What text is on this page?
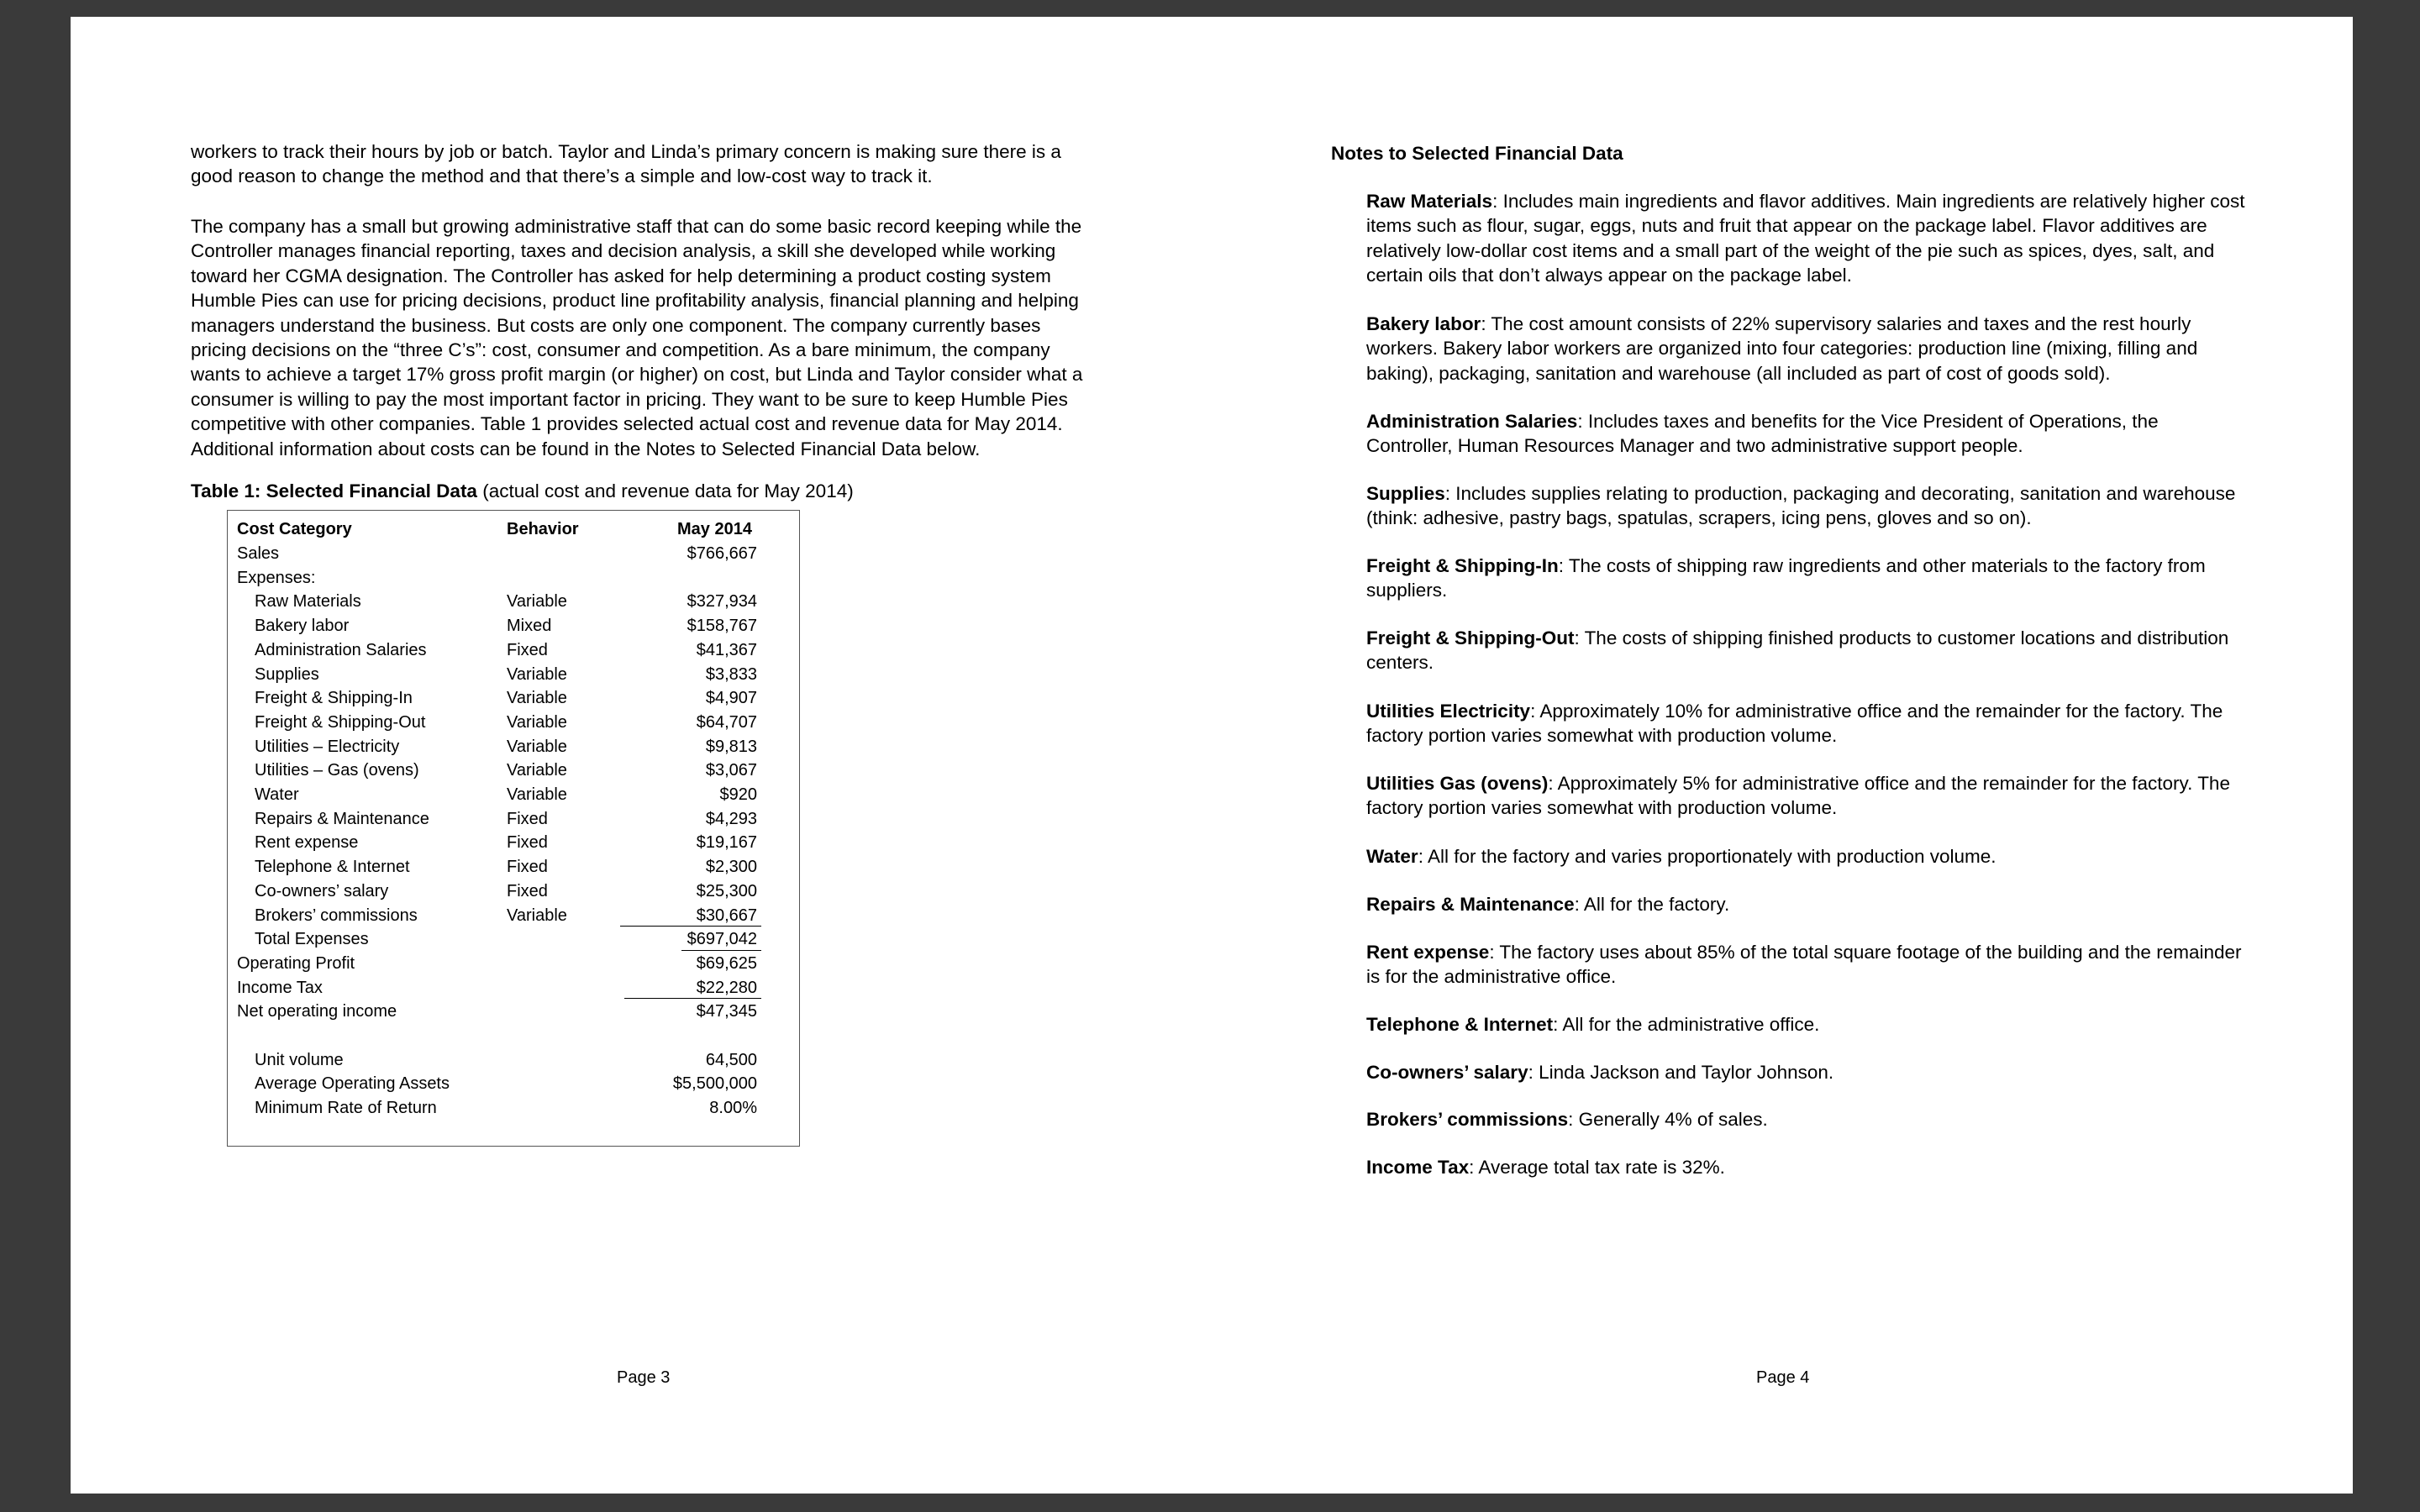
workers to track their hours by job or batch. Taylor and Linda’s primary concern is making sure there is a
good reason to change the method and that there’s a simple and low-cost way to track it.
The company has a small but growing administrative staff that can do some basic record keeping while the
Controller manages financial reporting, taxes and decision analysis, a skill she developed while working
toward her CGMA designation. The Controller has asked for help determining a product costing system
Humble Pies can use for pricing decisions, product line profitability analysis, financial planning and helping
managers understand the business. But costs are only one component. The company currently bases
pricing decisions on the “three C’s”: cost, consumer and competition. As a bare minimum, the company
wants to achieve a target 17% gross profit margin (or higher) on cost, but Linda and Taylor consider what a
consumer is willing to pay the most important factor in pricing. They want to be sure to keep Humble Pies
competitive with other companies. Table 1 provides selected actual cost and revenue data for May 2014.
Additional information about costs can be found in the Notes to Selected Financial Data below.
Table 1: Selected Financial Data (actual cost and revenue data for May 2014)
Cost Category	Behavior	May 2014
Sales	$766,667
Expenses:
Raw Materials	Variable	$327,934
Bakery labor	Mixed	$158,767
Administration Salaries	Fixed	$41,367
Supplies	Variable	$3,833
Freight & Shipping-In	Variable	$4,907
Freight & Shipping-Out	Variable	$64,707
Utilities – Electricity	Variable	$9,813
Utilities – Gas (ovens)	Variable	$3,067
Water	Variable	$920
Repairs & Maintenance	Fixed	$4,293
Rent expense	Fixed	$19,167
Telephone & Internet	Fixed	$2,300
Co-owners’ salary	Fixed	$25,300
Brokers’ commissions	Variable	$30,667
Total Expenses	$697,042
Operating Profit	$69,625
Income Tax	$22,280
Net operating income	$47,345
Unit volume	64,500
Average Operating Assets	$5,500,000
Minimum Rate of Return	8.00%
Page 3
Notes to Selected Financial Data
Raw Materials: Includes main ingredients and flavor additives. Main ingredients are relatively higher cost items such as flour, sugar, eggs, nuts and fruit that appear on the package label. Flavor additives are relatively low-dollar cost items and a small part of the weight of the pie such as spices, dyes, salt, and certain oils that don’t always appear on the package label.
Bakery labor: The cost amount consists of 22% supervisory salaries and taxes and the rest hourly workers. Bakery labor workers are organized into four categories: production line (mixing, filling and baking), packaging, sanitation and warehouse (all included as part of cost of goods sold).
Administration Salaries: Includes taxes and benefits for the Vice President of Operations, the Controller, Human Resources Manager and two administrative support people.
Supplies: Includes supplies relating to production, packaging and decorating, sanitation and warehouse (think: adhesive, pastry bags, spatulas, scrapers, icing pens, gloves and so on).
Freight & Shipping-In: The costs of shipping raw ingredients and other materials to the factory from suppliers.
Freight & Shipping-Out: The costs of shipping finished products to customer locations and distribution centers.
Utilities Electricity: Approximately 10% for administrative office and the remainder for the factory. The factory portion varies somewhat with production volume.
Utilities Gas (ovens): Approximately 5% for administrative office and the remainder for the factory. The factory portion varies somewhat with production volume.
Water: All for the factory and varies proportionately with production volume.
Repairs & Maintenance: All for the factory.
Rent expense: The factory uses about 85% of the total square footage of the building and the remainder is for the administrative office.
Telephone & Internet: All for the administrative office.
Co-owners’ salary: Linda Jackson and Taylor Johnson.
Brokers’ commissions: Generally 4% of sales.
Income Tax: Average total tax rate is 32%.
Page 4
